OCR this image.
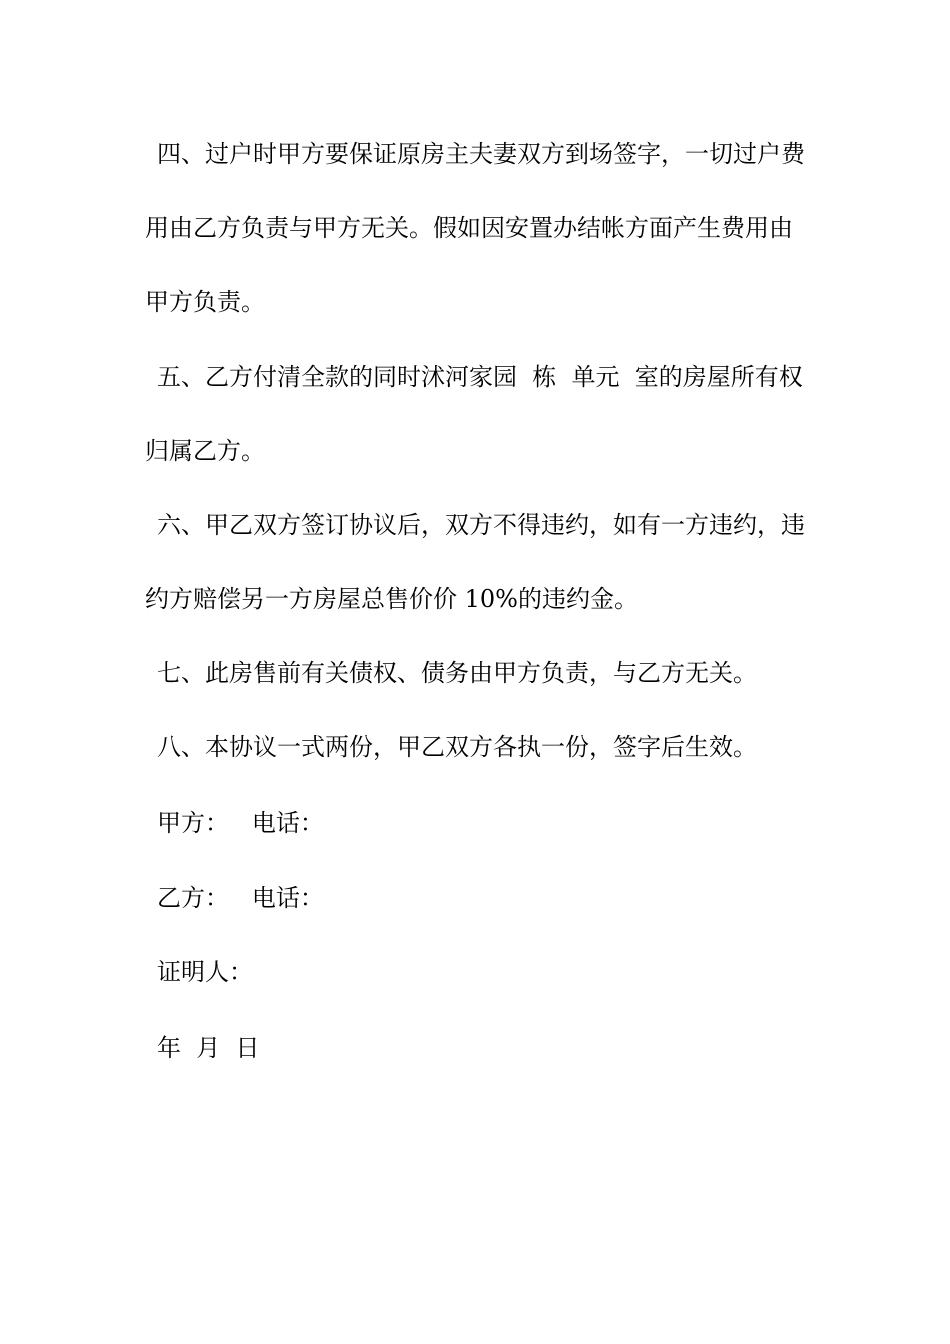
四、过户时甲方要保证原房主夫妻双方到场签字，一切过户费用由乙方负责与甲方无关。假如因安置办结帐方面产生费用由甲方负责。

五、乙方付清全款的同时沭河家园  栋  单元  室的房屋所有权归属乙方。

六、甲乙双方签订协议后，双方不得违约，如有一方违约，违约方赔偿另一方房屋总售价价 10%的违约金。

七、此房售前有关债权、债务由甲方负责，与乙方无关。

八、本协议一式两份，甲乙双方各执一份，签字后生效。

甲方：   电话：

乙方：   电话：

证明人：

年  月  日
